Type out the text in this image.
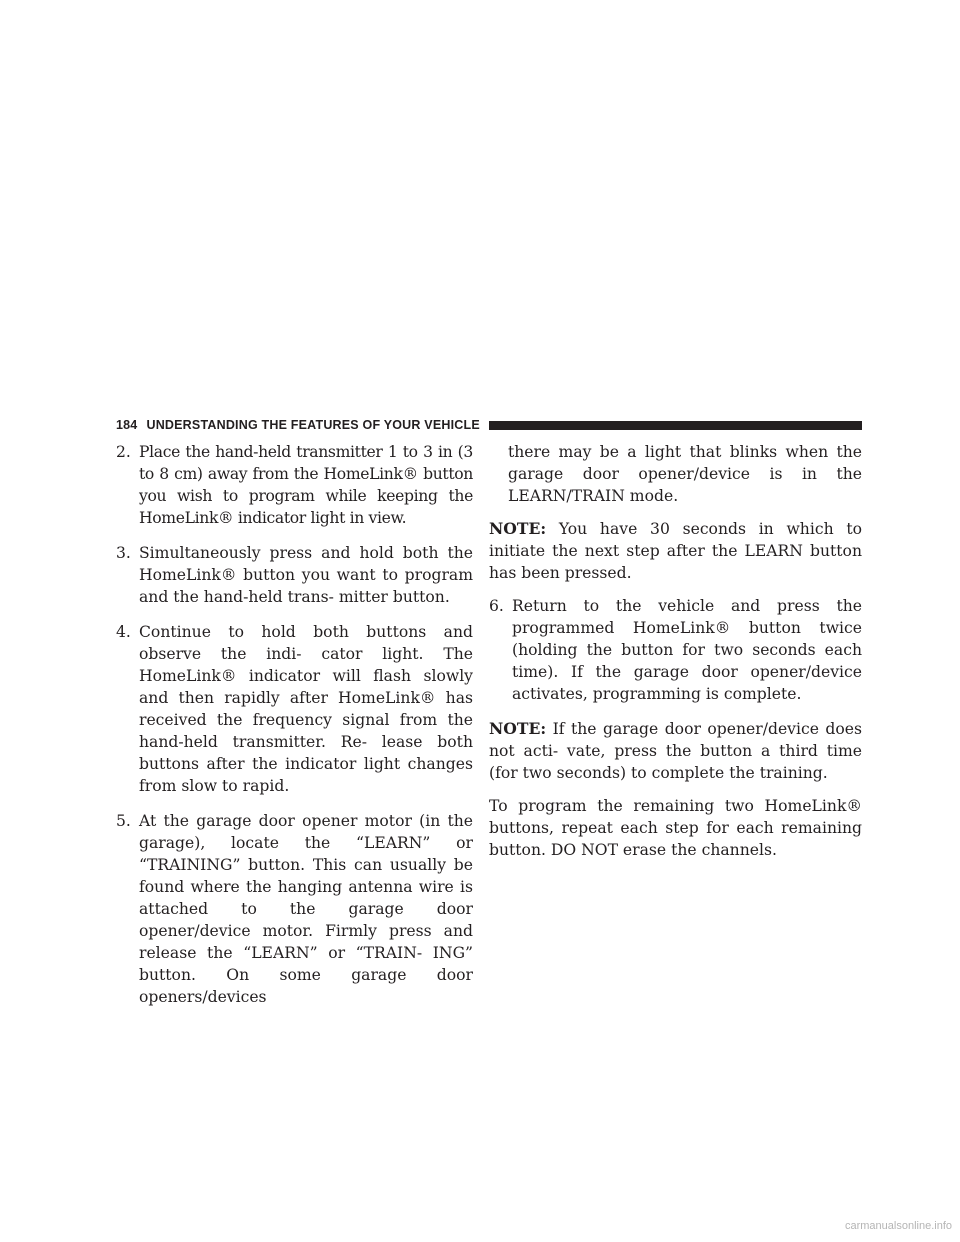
184 UNDERSTANDING THE FEATURES OF YOUR VEHICLE
2. Place the hand-held transmitter 1 to 3 in (3 to 8 cm) away from the HomeLink® button you wish to program while keeping the HomeLink® indicator light in view.
3. Simultaneously press and hold both the HomeLink® button you want to program and the hand-held trans- mitter button.
4. Continue to hold both buttons and observe the indi- cator light. The HomeLink® indicator will flash slowly and then rapidly after HomeLink® has received the frequency signal from the hand-held transmitter. Re- lease both buttons after the indicator light changes from slow to rapid.
5. At the garage door opener motor (in the garage), locate the “LEARN” or “TRAINING” button. This can usually be found where the hanging antenna wire is attached to the garage door opener/device motor. Firmly press and release the “LEARN” or “TRAIN- ING” button. On some garage door openers/devices
there may be a light that blinks when the garage door opener/device is in the LEARN/TRAIN mode.
NOTE: You have 30 seconds in which to initiate the next step after the LEARN button has been pressed.
6. Return to the vehicle and press the programmed HomeLink® button twice (holding the button for two seconds each time). If the garage door opener/device activates, programming is complete.
NOTE: If the garage door opener/device does not acti- vate, press the button a third time (for two seconds) to complete the training.
To program the remaining two HomeLink® buttons, repeat each step for each remaining button. DO NOT erase the channels.
carmanualsonline.info
